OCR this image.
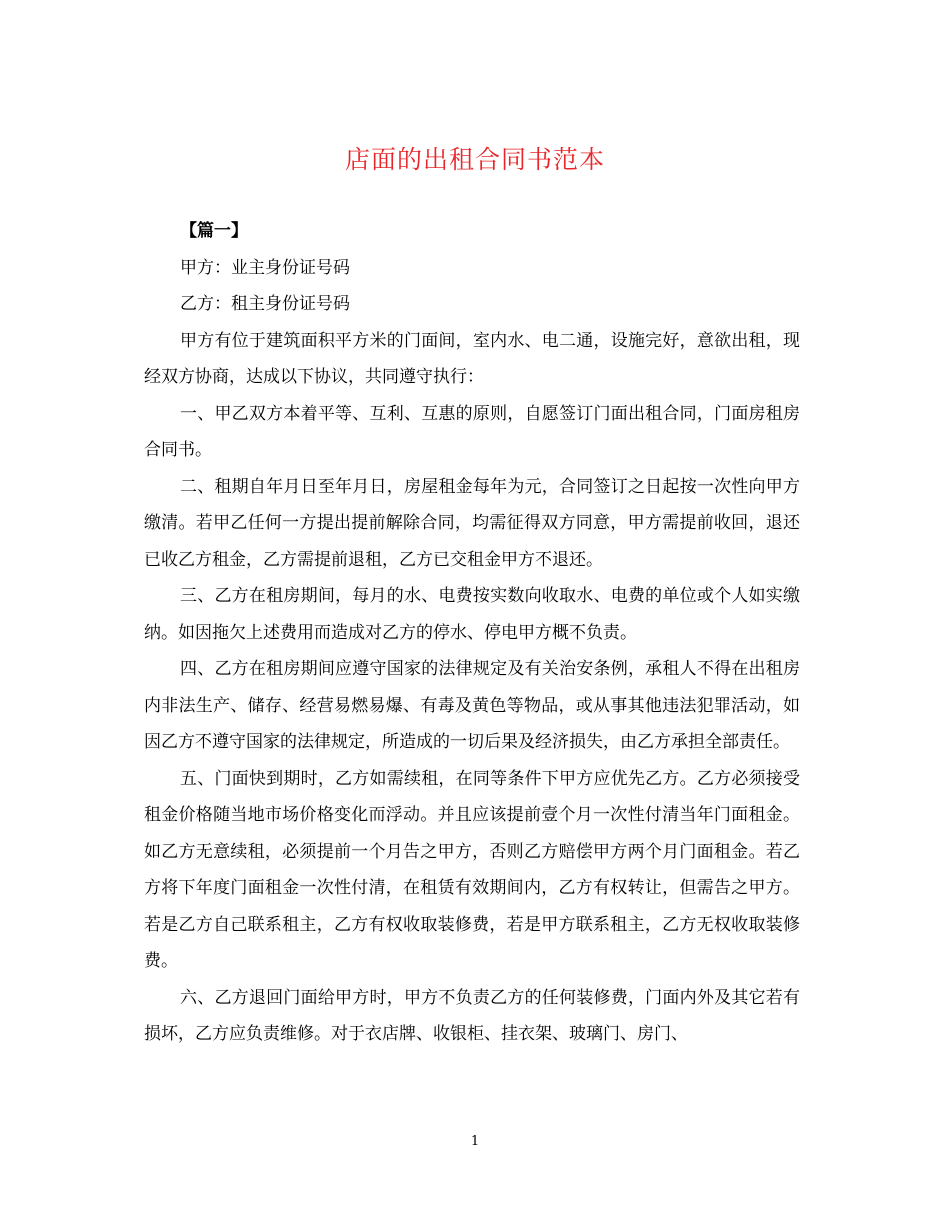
店面的出租合同书范本

【篇一】

甲方：业主身份证号码

乙方：租主身份证号码

甲方有位于建筑面积平方米的门面间，室内水、电二通，设施完好，意欲出租，现经双方协商，达成以下协议，共同遵守执行：

一、甲乙双方本着平等、互利、互惠的原则，自愿签订门面出租合同，门面房租房合同书。

二、租期自年月日至年月日，房屋租金每年为元，合同签订之日起按一次性向甲方缴清。若甲乙任何一方提出提前解除合同，均需征得双方同意，甲方需提前收回，退还已收乙方租金，乙方需提前退租，乙方已交租金甲方不退还。

三、乙方在租房期间，每月的水、电费按实数向收取水、电费的单位或个人如实缴纳。如因拖欠上述费用而造成对乙方的停水、停电甲方概不负责。

四、乙方在租房期间应遵守国家的法律规定及有关治安条例，承租人不得在出租房内非法生产、储存、经营易燃易爆、有毒及黄色等物品，或从事其他违法犯罪活动，如因乙方不遵守国家的法律规定，所造成的一切后果及经济损失，由乙方承担全部责任。

五、门面快到期时，乙方如需续租，在同等条件下甲方应优先乙方。乙方必须接受租金价格随当地市场价格变化而浮动。并且应该提前壹个月一次性付清当年门面租金。如乙方无意续租，必须提前一个月告之甲方，否则乙方赔偿甲方两个月门面租金。若乙方将下年度门面租金一次性付清，在租赁有效期间内，乙方有权转让，但需告之甲方。若是乙方自己联系租主，乙方有权收取装修费，若是甲方联系租主，乙方无权收取装修费。

六、乙方退回门面给甲方时，甲方不负责乙方的任何装修费，门面内外及其它若有损坏，乙方应负责维修。对于衣店牌、收银柜、挂衣架、玻璃门、房门、

1
